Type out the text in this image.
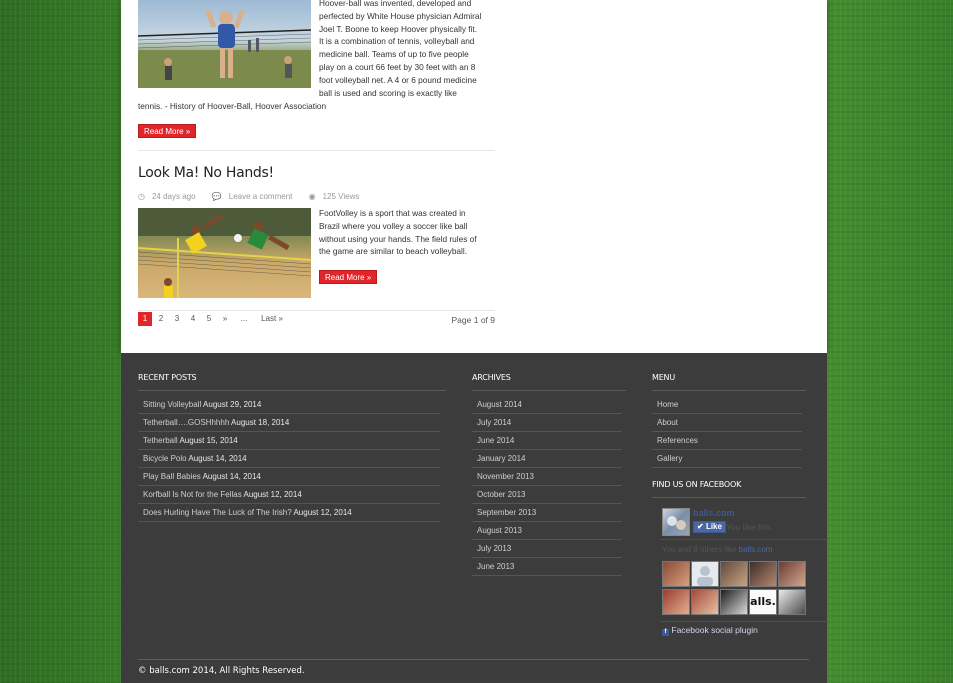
Hoover-ball was invented, developed and
perfected by White House physician Admiral
Joel T. Boone to keep Hoover physically fit.
It is a combination of tennis, volleyball and
medicine ball. Teams of up to five people
play on a court 66 feet by 30 feet with an 8
foot volleyball net. A 4 or 6 pound medicine
ball is used and scoring is exactly like
tennis. - History of Hoover-Ball, Hoover Association
Read More »
Look Ma! No Hands!
◷ 24 days ago 💬 Leave a comment ◉ 125 Views
FootVolley is a sport that was created in
Brazil where you volley a soccer like ball
without using your hands. The field rules of
the game are similar to beach volleyball.
Read More »
1	2	3	4	5	»	...	Last »	Page 1 of 9
RECENT POSTS
Sitting Volleyball August 29, 2014
Tetherball….GOSHhhhh August 18, 2014
Tetherball August 15, 2014
Bicycle Polo August 14, 2014
Play Ball Babies August 14, 2014
Korfball Is Not for the Fellas August 12, 2014
Does Hurling Have The Luck of The Irish? August 12, 2014
ARCHIVES
August 2014
July 2014
June 2014
January 2014
November 2013
October 2013
September 2013
August 2013
July 2013
June 2013
MENU
Home
About
References
Gallery
FIND US ON FACEBOOK
balls.com
✔ Like You like this.
You and 8 others like balls.com
alls.
f Facebook social plugin
© balls.com 2014, All Rights Reserved.
